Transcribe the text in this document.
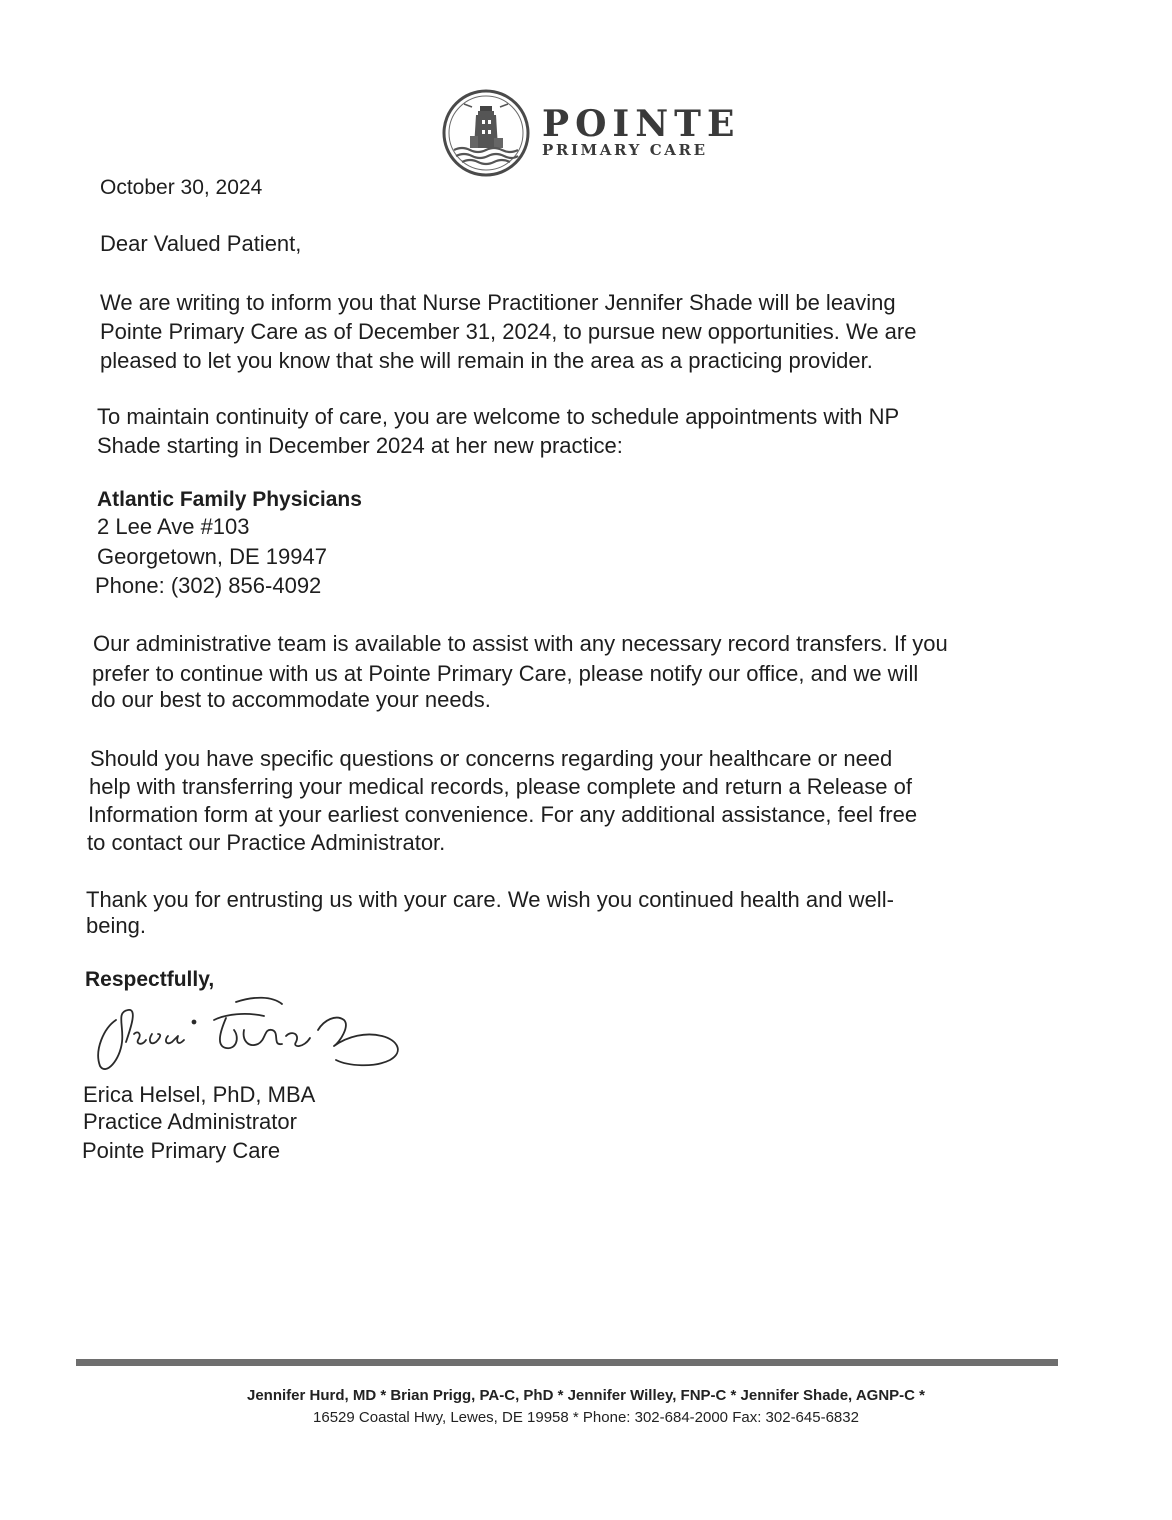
POINTE
PRIMARY CARE
October 30, 2024
Dear Valued Patient,
We are writing to inform you that Nurse Practitioner Jennifer Shade will be leaving
Pointe Primary Care as of December 31, 2024, to pursue new opportunities. We are
pleased to let you know that she will remain in the area as a practicing provider.
To maintain continuity of care, you are welcome to schedule appointments with NP
Shade starting in December 2024 at her new practice:
Atlantic Family Physicians
2 Lee Ave #103
Georgetown, DE 19947
Phone: (302) 856-4092
Our administrative team is available to assist with any necessary record transfers. If you
prefer to continue with us at Pointe Primary Care, please notify our office, and we will
do our best to accommodate your needs.
Should you have specific questions or concerns regarding your healthcare or need
help with transferring your medical records, please complete and return a Release of
Information form at your earliest convenience. For any additional assistance, feel free
to contact our Practice Administrator.
Thank you for entrusting us with your care. We wish you continued health and well-
being.
Respectfully,
Erica Helsel, PhD, MBA
Practice Administrator
Pointe Primary Care
Jennifer Hurd, MD * Brian Prigg, PA-C, PhD * Jennifer Willey, FNP-C * Jennifer Shade, AGNP-C *
16529 Coastal Hwy, Lewes, DE 19958 * Phone: 302-684-2000 Fax: 302-645-6832
